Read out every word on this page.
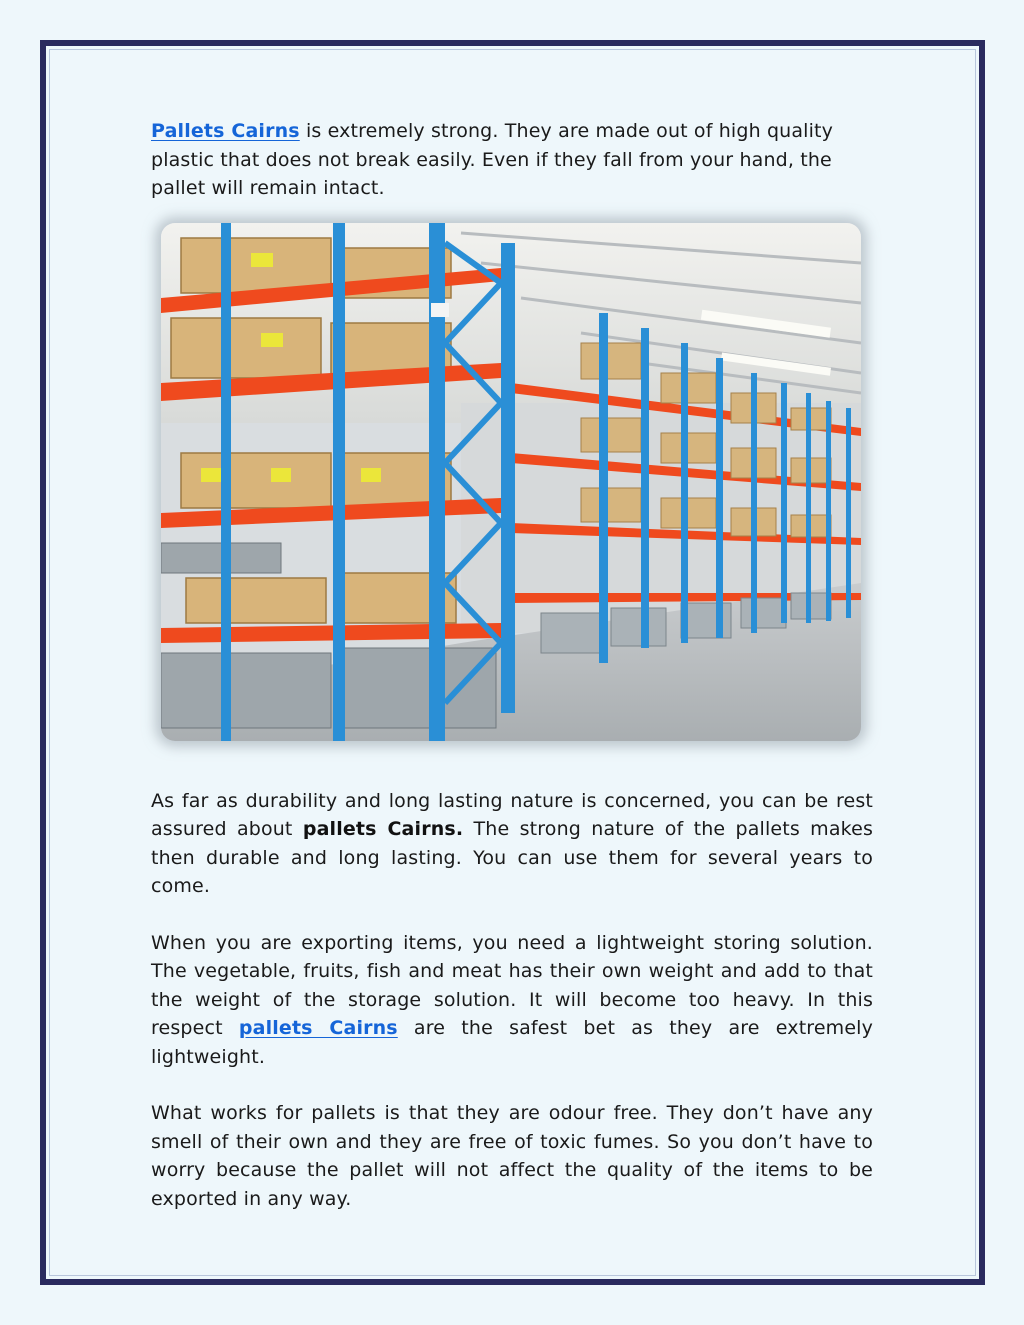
Pallets Cairns is extremely strong. They are made out of high quality plastic that does not break easily. Even if they fall from your hand, the pallet will remain intact.

As far as durability and long lasting nature is concerned, you can be rest assured about pallets Cairns. The strong nature of the pallets makes then durable and long lasting. You can use them for several years to come.

When you are exporting items, you need a lightweight storing solution. The vegetable, fruits, fish and meat has their own weight and add to that the weight of the storage solution. It will become too heavy. In this respect pallets Cairns are the safest bet as they are extremely lightweight.

What works for pallets is that they are odour free. They don’t have any smell of their own and they are free of toxic fumes. So you don’t have to worry because the pallet will not affect the quality of the items to be exported in any way.
